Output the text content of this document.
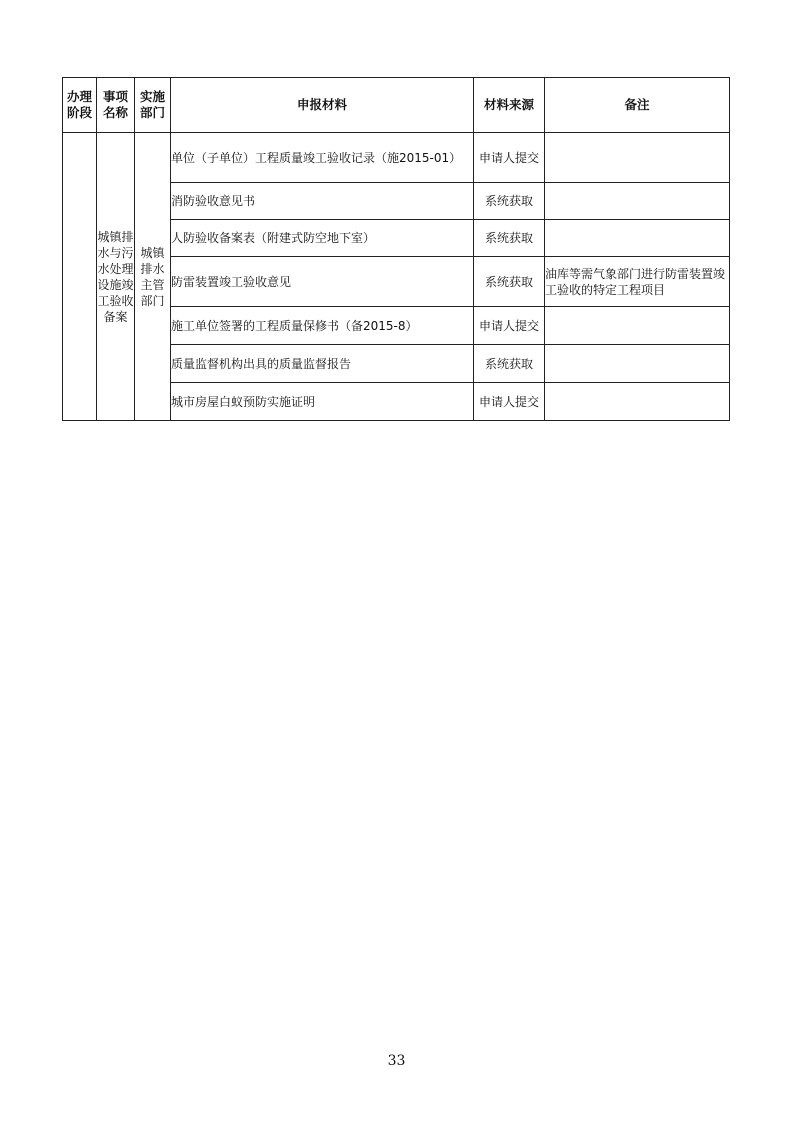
办理阶段	事项名称	实施部门	申报材料	材料来源	备注

	城镇排水与污水处理设施竣工验收备案	城镇排水主管部门	单位（子单位）工程质量竣工验收记录（施2015-01）	申请人提交	
			消防验收意见书	系统获取	
			人防验收备案表（附建式防空地下室）	系统获取	
			防雷装置竣工验收意见	系统获取	油库等需气象部门进行防雷装置竣工验收的特定工程项目
			施工单位签署的工程质量保修书（备2015-8）	申请人提交	
			质量监督机构出具的质量监督报告	系统获取	
			城市房屋白蚁预防实施证明	申请人提交	
33
